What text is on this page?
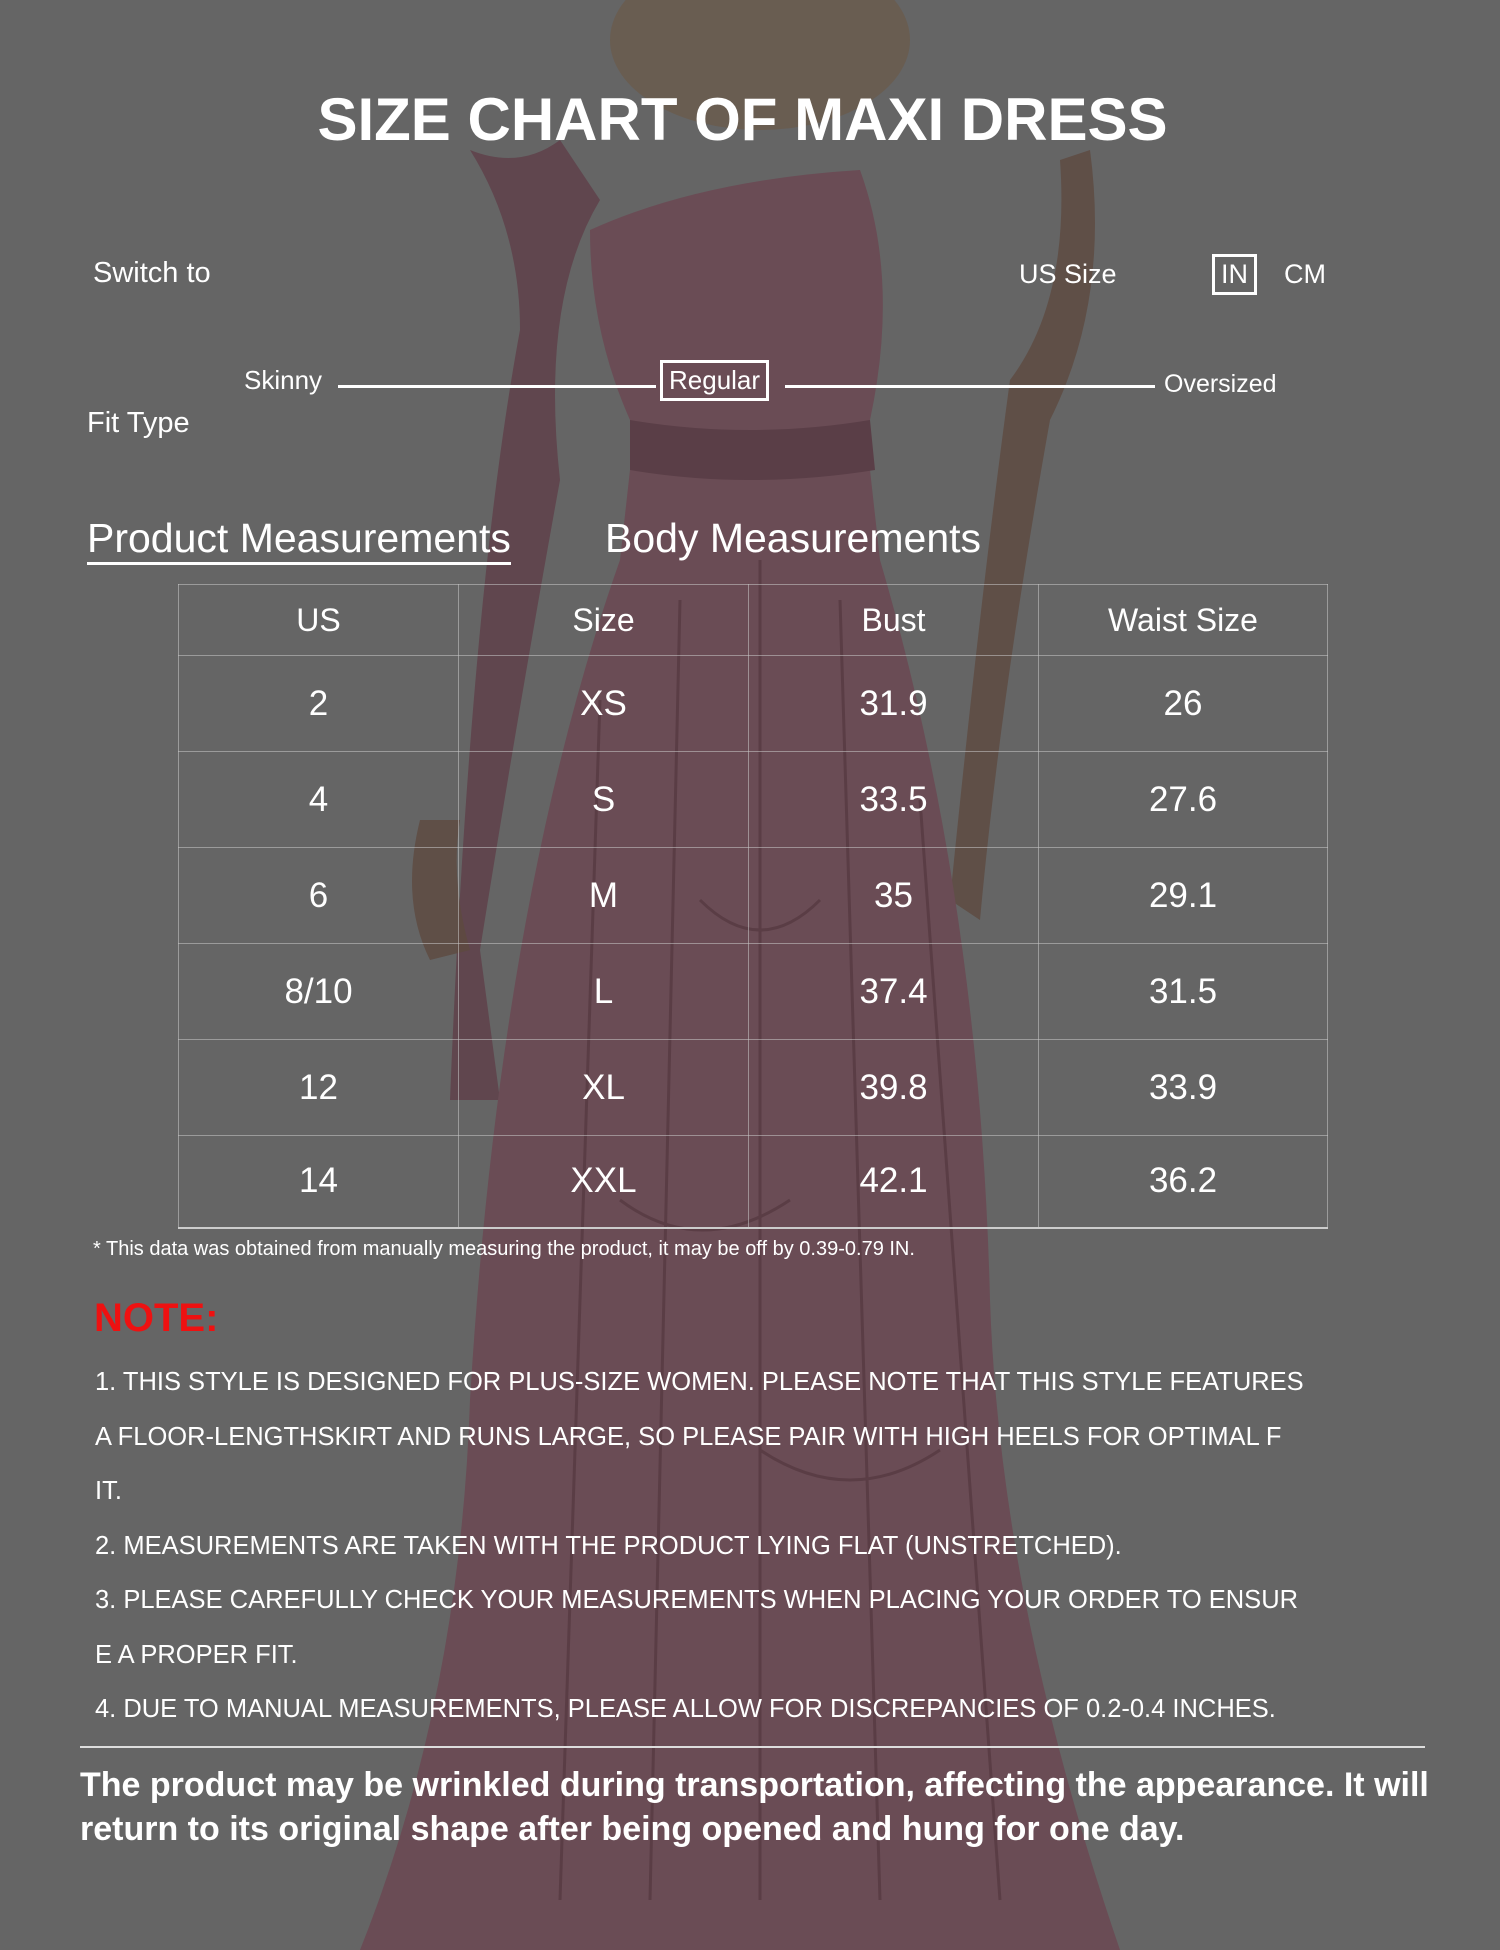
SIZE CHART OF MAXI DRESS
Switch to	US Size	IN	CM
Skinny	Regular	Oversized
Fit Type
Product Measurements Body Measurements
US	Size	Bust	Waist Size
2	XS	31.9	26
4	S	33.5	27.6
6	M	35	29.1
8/10	L	37.4	31.5
12	XL	39.8	33.9
14	XXL	42.1	36.2
* This data was obtained from manually measuring the product, it may be off by 0.39-0.79 IN.
NOTE:
1. THIS STYLE IS DESIGNED FOR PLUS-SIZE WOMEN. PLEASE NOTE THAT THIS STYLE FEATURES
A FLOOR-LENGTHSKIRT AND RUNS LARGE, SO PLEASE PAIR WITH HIGH HEELS FOR OPTIMAL F
IT.
2. MEASUREMENTS ARE TAKEN WITH THE PRODUCT LYING FLAT (UNSTRETCHED).
3. PLEASE CAREFULLY CHECK YOUR MEASUREMENTS WHEN PLACING YOUR ORDER TO ENSUR
E A PROPER FIT.
4. DUE TO MANUAL MEASUREMENTS, PLEASE ALLOW FOR DISCREPANCIES OF 0.2-0.4 INCHES.
The product may be wrinkled during transportation, affecting the appearance. It will return to its original shape after being opened and hung for one day.
